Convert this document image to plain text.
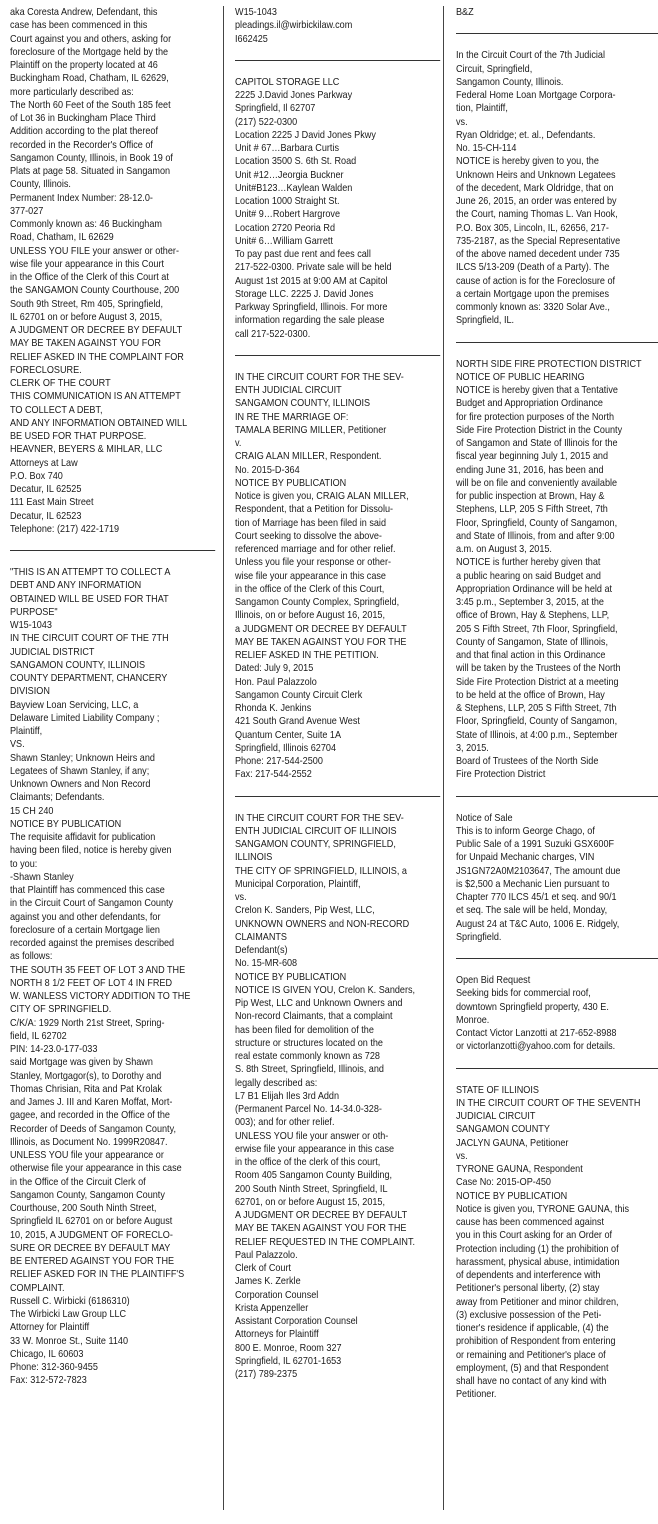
aka Coresta Andrew, Defendant, this
case has been commenced in this
Court against you and others, asking for
foreclosure of the Mortgage held by the
Plaintiff on the property located at 46
Buckingham Road, Chatham, IL 62629,
more particularly described as:
The North 60 Feet of the South 185 feet
of Lot 36 in Buckingham Place Third
Addition according to the plat thereof
recorded in the Recorder's Office of
Sangamon County, Illinois, in Book 19 of
Plats at page 58. Situated in Sangamon
County, Illinois.
Permanent Index Number: 28-12.0-
377-027
Commonly known as: 46 Buckingham
Road, Chatham, IL 62629
UNLESS YOU FILE your answer or other-
wise file your appearance in this Court
in the Office of the Clerk of this Court at
the SANGAMON County Courthouse, 200
South 9th Street, Rm 405, Springfield,
IL 62701 on or before August 3, 2015,
A JUDGMENT OR DECREE BY DEFAULT
MAY BE TAKEN AGAINST YOU FOR
RELIEF ASKED IN THE COMPLAINT FOR
FORECLOSURE.
CLERK OF THE COURT
THIS COMMUNICATION IS AN ATTEMPT
TO COLLECT A DEBT,
AND ANY INFORMATION OBTAINED WILL
BE USED FOR THAT PURPOSE.
HEAVNER, BEYERS & MIHLAR, LLC
Attorneys at Law
P.O. Box 740
Decatur, IL 62525
111 East Main Street
Decatur, IL 62523
Telephone: (217) 422-1719
"THIS IS AN ATTEMPT TO COLLECT A
DEBT AND ANY INFORMATION
OBTAINED WILL BE USED FOR THAT
PURPOSE"
W15-1043
IN THE CIRCUIT COURT OF THE 7TH
JUDICIAL DISTRICT
SANGAMON COUNTY, ILLINOIS
COUNTY DEPARTMENT, CHANCERY
DIVISION
Bayview Loan Servicing, LLC, a
Delaware Limited Liability Company ;
Plaintiff,
VS.
Shawn Stanley; Unknown Heirs and
Legatees of Shawn Stanley, if any;
Unknown Owners and Non Record
Claimants; Defendants.
15 CH 240
NOTICE BY PUBLICATION
The requisite affidavit for publication
having been filed, notice is hereby given
to you:
-Shawn Stanley
that Plaintiff has commenced this case
in the Circuit Court of Sangamon County
against you and other defendants, for
foreclosure of a certain Mortgage lien
recorded against the premises described
as follows:
THE SOUTH 35 FEET OF LOT 3 AND THE
NORTH 8 1/2 FEET OF LOT 4 IN FRED
W. WANLESS VICTORY ADDITION TO THE
CITY OF SPRINGFIELD.
C/K/A: 1929 North 21st Street, Spring-
field, IL 62702
PIN: 14-23.0-177-033
said Mortgage was given by Shawn
Stanley, Mortgagor(s), to Dorothy and
Thomas Chrisian, Rita and Pat Krolak
and James J. III and Karen Moffat, Mort-
gagee, and recorded in the Office of the
Recorder of Deeds of Sangamon County,
Illinois, as Document No. 1999R20847.
UNLESS YOU file your appearance or
otherwise file your appearance in this case
in the Office of the Circuit Clerk of
Sangamon County, Sangamon County
Courthouse, 200 South Ninth Street,
Springfield IL 62701 on or before August
10, 2015, A JUDGMENT OF FORECLO-
SURE OR DECREE BY DEFAULT MAY
BE ENTERED AGAINST YOU FOR THE
RELIEF ASKED FOR IN THE PLAINTIFF'S
COMPLAINT.
Russell C. Wirbicki (6186310)
The Wirbicki Law Group LLC
Attorney for Plaintiff
33 W. Monroe St., Suite 1140
Chicago, IL 60603
Phone: 312-360-9455
Fax: 312-572-7823
W15-1043
pleadings.il@wirbickilaw.com
I662425
CAPITOL STORAGE LLC
2225 J.David Jones Parkway
Springfield, Il 62707
(217) 522-0300
Location 2225 J David Jones Pkwy
Unit # 67…Barbara Curtis
Location 3500 S. 6th St. Road
Unit #12…Jeorgia Buckner
Unit#B123…Kaylean Walden
Location 1000 Straight St.
Unit# 9…Robert Hargrove
Location 2720 Peoria Rd
Unit# 6…William Garrett
To pay past due rent and fees call
217-522-0300. Private sale will be held
August 1st 2015 at 9:00 AM at Capitol
Storage LLC. 2225 J. David Jones
Parkway Springfield, Illinois. For more
information regarding the sale please
call 217-522-0300.
IN THE CIRCUIT COURT FOR THE SEV-
ENTH JUDICIAL CIRCUIT
SANGAMON COUNTY, ILLINOIS
IN RE THE MARRIAGE OF:
TAMALA BERING MILLER, Petitioner
v.
CRAIG ALAN MILLER, Respondent.
No. 2015-D-364
NOTICE BY PUBLICATION
Notice is given you, CRAIG ALAN MILLER,
Respondent, that a Petition for Dissolu-
tion of Marriage has been filed in said
Court seeking to dissolve the above-
referenced marriage and for other relief.
Unless you file your response or other-
wise file your appearance in this case
in the office of the Clerk of this Court,
Sangamon County Complex, Springfield,
Illinois, on or before August 16, 2015,
a JUDGMENT OR DECREE BY DEFAULT
MAY BE TAKEN AGAINST YOU FOR THE
RELIEF ASKED IN THE PETITION.
Dated: July 9, 2015
Hon. Paul Palazzolo
Sangamon County Circuit Clerk
Rhonda K. Jenkins
421 South Grand Avenue West
Quantum Center, Suite 1A
Springfield, Illinois 62704
Phone: 217-544-2500
Fax: 217-544-2552
IN THE CIRCUIT COURT FOR THE SEV-
ENTH JUDICIAL CIRCUIT OF ILLINOIS
SANGAMON COUNTY, SPRINGFIELD,
ILLINOIS
THE CITY OF SPRINGFIELD, ILLINOIS, a
Municipal Corporation, Plaintiff,
vs.
Crelon K. Sanders, Pip West, LLC,
UNKNOWN OWNERS and NON-RECORD
CLAIMANTS
Defendant(s)
No. 15-MR-608
NOTICE BY PUBLICATION
NOTICE IS GIVEN YOU, Crelon K. Sanders,
Pip West, LLC and Unknown Owners and
Non-record Claimants, that a complaint
has been filed for demolition of the
structure or structures located on the
real estate commonly known as 728
S. 8th Street, Springfield, Illinois, and
legally described as:
L7 B1 Elijah Iles 3rd Addn
(Permanent Parcel No. 14-34.0-328-
003); and for other relief.
UNLESS YOU file your answer or oth-
erwise file your appearance in this case
in the office of the clerk of this court,
Room 405 Sangamon County Building,
200 South Ninth Street, Springfield, IL
62701, on or before August 15, 2015,
A JUDGMENT OR DECREE BY DEFAULT
MAY BE TAKEN AGAINST YOU FOR THE
RELIEF REQUESTED IN THE COMPLAINT.
Paul Palazzolo.
Clerk of Court
James K. Zerkle
Corporation Counsel
Krista Appenzeller
Assistant Corporation Counsel
Attorneys for Plaintiff
800 E. Monroe, Room 327
Springfield, IL 62701-1653
(217) 789-2375
B&Z
In the Circuit Court of the 7th Judicial
Circuit, Springfield,
Sangamon County, Illinois.
Federal Home Loan Mortgage Corpora-
tion, Plaintiff,
vs.
Ryan Oldridge; et. al., Defendants.
No. 15-CH-114
NOTICE is hereby given to you, the
Unknown Heirs and Unknown Legatees
of the decedent, Mark Oldridge, that on
June 26, 2015, an order was entered by
the Court, naming Thomas L. Van Hook,
P.O. Box 305, Lincoln, IL, 62656, 217-
735-2187, as the Special Representative
of the above named decedent under 735
ILCS 5/13-209 (Death of a Party). The
cause of action is for the Foreclosure of
a certain Mortgage upon the premises
commonly known as: 3320 Solar Ave.,
Springfield, IL.
NORTH SIDE FIRE PROTECTION DISTRICT
NOTICE OF PUBLIC HEARING
NOTICE is hereby given that a Tentative
Budget and Appropriation Ordinance
for fire protection purposes of the North
Side Fire Protection District in the County
of Sangamon and State of Illinois for the
fiscal year beginning July 1, 2015 and
ending June 31, 2016, has been and
will be on file and conveniently available
for public inspection at Brown, Hay &
Stephens, LLP, 205 S Fifth Street, 7th
Floor, Springfield, County of Sangamon,
and State of Illinois, from and after 9:00
a.m. on August 3, 2015.
NOTICE is further hereby given that
a public hearing on said Budget and
Appropriation Ordinance will be held at
3:45 p.m., September 3, 2015, at the
office of Brown, Hay & Stephens, LLP,
205 S Fifth Street, 7th Floor, Springfield,
County of Sangamon, State of Illinois,
and that final action in this Ordinance
will be taken by the Trustees of the North
Side Fire Protection District at a meeting
to be held at the office of Brown, Hay
& Stephens, LLP, 205 S Fifth Street, 7th
Floor, Springfield, County of Sangamon,
State of Illinois, at 4:00 p.m., September
3, 2015.
Board of Trustees of the North Side
Fire Protection District
Notice of Sale
This is to inform George Chago, of
Public Sale of a 1991 Suzuki GSX600F
for Unpaid Mechanic charges, VIN
JS1GN72A0M2103647, The amount due
is $2,500 a Mechanic Lien pursuant to
Chapter 770 ILCS 45/1 et seq. and 90/1
et seq. The sale will be held, Monday,
August 24 at T&C Auto, 1006 E. Ridgely,
Springfield.
Open Bid Request
Seeking bids for commercial roof,
downtown Springfield property, 430 E.
Monroe.
Contact Victor Lanzotti at 217-652-8988
or victorlanzotti@yahoo.com for details.
STATE OF ILLINOIS
IN THE CIRCUIT COURT OF THE SEVENTH
JUDICIAL CIRCUIT
SANGAMON COUNTY
JACLYN GAUNA, Petitioner
vs.
TYRONE GAUNA, Respondent
Case No: 2015-OP-450
NOTICE BY PUBLICATION
Notice is given you, TYRONE GAUNA, this
cause has been commenced against
you in this Court asking for an Order of
Protection including (1) the prohibition of
harassment, physical abuse, intimidation
of dependents and interference with
Petitioner's personal liberty, (2) stay
away from Petitioner and minor children,
(3) exclusive possession of the Peti-
tioner's residence if applicable, (4) the
prohibition of Respondent from entering
or remaining and Petitioner's place of
employment, (5) and that Respondent
shall have no contact of any kind with
Petitioner.
